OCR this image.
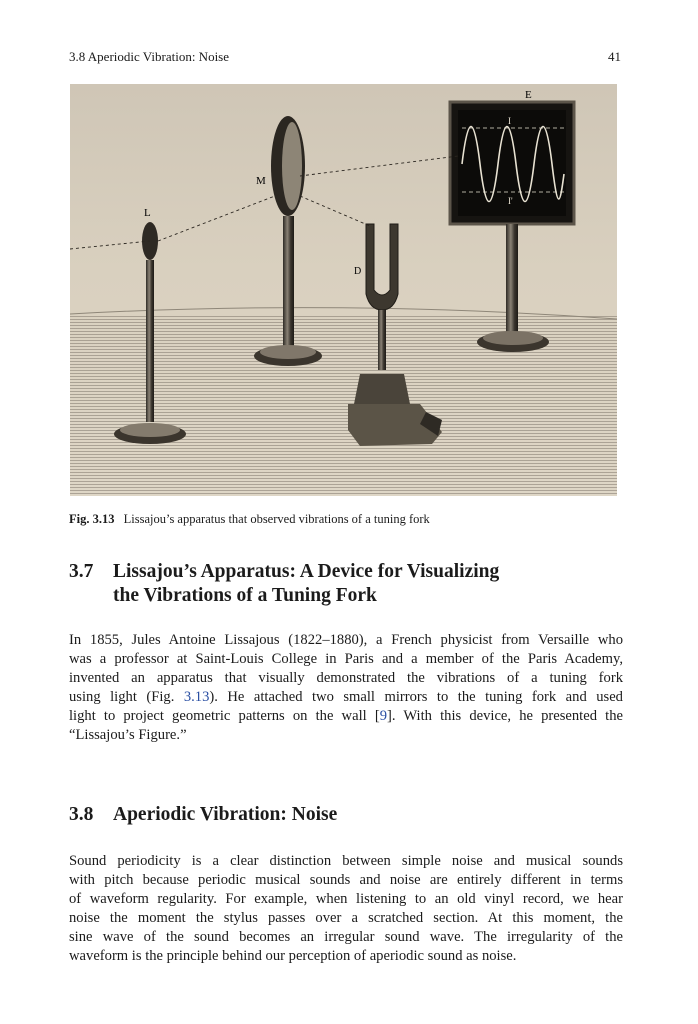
3.8 Aperiodic Vibration: Noise	41
E
M
L
D
I
I'
Fig. 3.13 Lissajou’s apparatus that observed vibrations of a tuning fork
3.7 Lissajou’s Apparatus: A Device for Visualizing
the Vibrations of a Tuning Fork
In 1855, Jules Antoine Lissajous (1822–1880), a French physicist from Versaille who
was a professor at Saint-Louis College in Paris and a member of the Paris Academy,
invented an apparatus that visually demonstrated the vibrations of a tuning fork
using light (Fig. 3.13). He attached two small mirrors to the tuning fork and used
light to project geometric patterns on the wall [9]. With this device, he presented the
“Lissajou’s Figure.”
3.8 Aperiodic Vibration: Noise
Sound periodicity is a clear distinction between simple noise and musical sounds
with pitch because periodic musical sounds and noise are entirely different in terms
of waveform regularity. For example, when listening to an old vinyl record, we hear
noise the moment the stylus passes over a scratched section. At this moment, the
sine wave of the sound becomes an irregular sound wave. The irregularity of the
waveform is the principle behind our perception of aperiodic sound as noise.
